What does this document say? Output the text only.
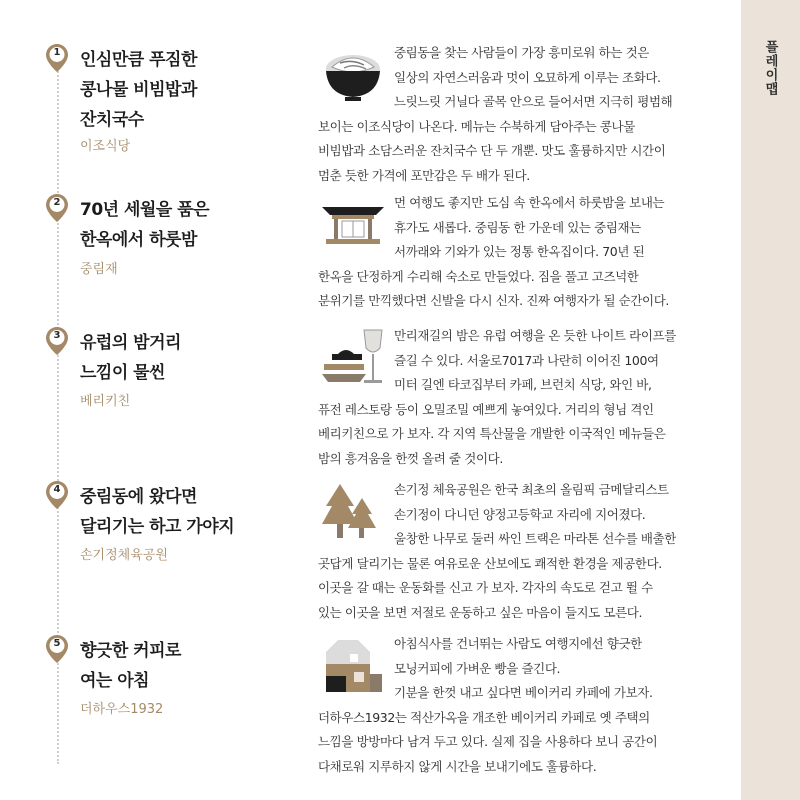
플레이맵
1	인심만큼 푸짐한
콩나물 비빔밥과
잔치국수
이조식당
중림동을 찾는 사람들이 가장 흥미로워 하는 것은
일상의 자연스러움과 멋이 오묘하게 이루는 조화다.
느릿느릿 거닐다 골목 안으로 들어서면 지극히 평범해
보이는 이조식당이 나온다. 메뉴는 수북하게 담아주는 콩나물
비빔밥과 소담스러운 잔치국수 단 두 개뿐. 맛도 훌륭하지만 시간이
멈춘 듯한 가격에 포만감은 두 배가 된다.
2	70년 세월을 품은
한옥에서 하룻밤
중림재
먼 여행도 좋지만 도심 속 한옥에서 하룻밤을 보내는
휴가도 새롭다. 중림동 한 가운데 있는 중림재는
서까래와 기와가 있는 정통 한옥집이다. 70년 된
한옥을 단정하게 수리해 숙소로 만들었다. 짐을 풀고 고즈넉한
분위기를 만끽했다면 신발을 다시 신자. 진짜 여행자가 될 순간이다.
3	유럽의 밤거리
느낌이 물씬
베리키친
만리재길의 밤은 유럽 여행을 온 듯한 나이트 라이프를
즐길 수 있다. 서울로7017과 나란히 이어진 100여
미터 길엔 타코집부터 카페, 브런치 식당, 와인 바,
퓨전 레스토랑 등이 오밀조밀 예쁘게 놓여있다. 거리의 형님 격인
베리키친으로 가 보자. 각 지역 특산물을 개발한 이국적인 메뉴들은
밤의 흥겨움을 한껏 올려 줄 것이다.
4	중림동에 왔다면
달리기는 하고 가야지
손기정체육공원
손기정 체육공원은 한국 최초의 올림픽 금메달리스트
손기정이 다니던 양정고등학교 자리에 지어졌다.
울창한 나무로 둘러 싸인 트랙은 마라톤 선수를 배출한
곳답게 달리기는 물론 여유로운 산보에도 쾌적한 환경을 제공한다.
이곳을 갈 때는 운동화를 신고 가 보자. 각자의 속도로 걷고 뛸 수
있는 이곳을 보면 저절로 운동하고 싶은 마음이 들지도 모른다.
5	향긋한 커피로
여는 아침
더하우스1932
아침식사를 건너뛰는 사람도 여행지에선 향긋한
모닝커피에 가벼운 빵을 즐긴다.
기분을 한껏 내고 싶다면 베이커리 카페에 가보자.
더하우스1932는 적산가옥을 개조한 베이커리 카페로 옛 주택의
느낌을 방방마다 남겨 두고 있다. 실제 집을 사용하다 보니 공간이
다채로워 지루하지 않게 시간을 보내기에도 훌륭하다.
